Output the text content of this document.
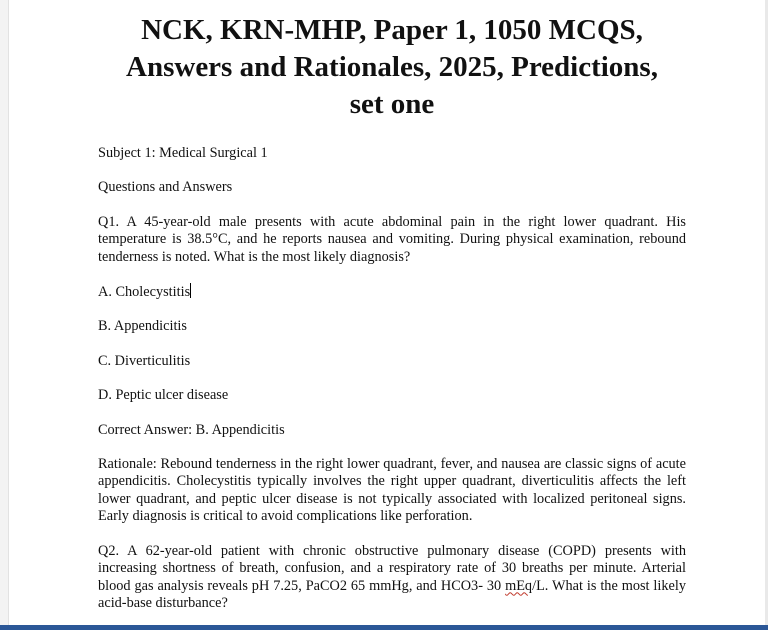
NCK, KRN-MHP, Paper 1, 1050 MCQS,
Answers and Rationales, 2025, Predictions,
set one

Subject 1: Medical Surgical 1

Questions and Answers

Q1. A 45-year-old male presents with acute abdominal pain in the right lower quadrant. His temperature is 38.5°C, and he reports nausea and vomiting. During physical examination, rebound tenderness is noted. What is the most likely diagnosis?

A. Cholecystitis

B. Appendicitis

C. Diverticulitis

D. Peptic ulcer disease

Correct Answer: B. Appendicitis

Rationale: Rebound tenderness in the right lower quadrant, fever, and nausea are classic signs of acute appendicitis. Cholecystitis typically involves the right upper quadrant, diverticulitis affects the left lower quadrant, and peptic ulcer disease is not typically associated with localized peritoneal signs. Early diagnosis is critical to avoid complications like perforation.

Q2. A 62-year-old patient with chronic obstructive pulmonary disease (COPD) presents with increasing shortness of breath, confusion, and a respiratory rate of 30 breaths per minute. Arterial blood gas analysis reveals pH 7.25, PaCO2 65 mmHg, and HCO3- 30 mEq/L. What is the most likely acid-base disturbance?
